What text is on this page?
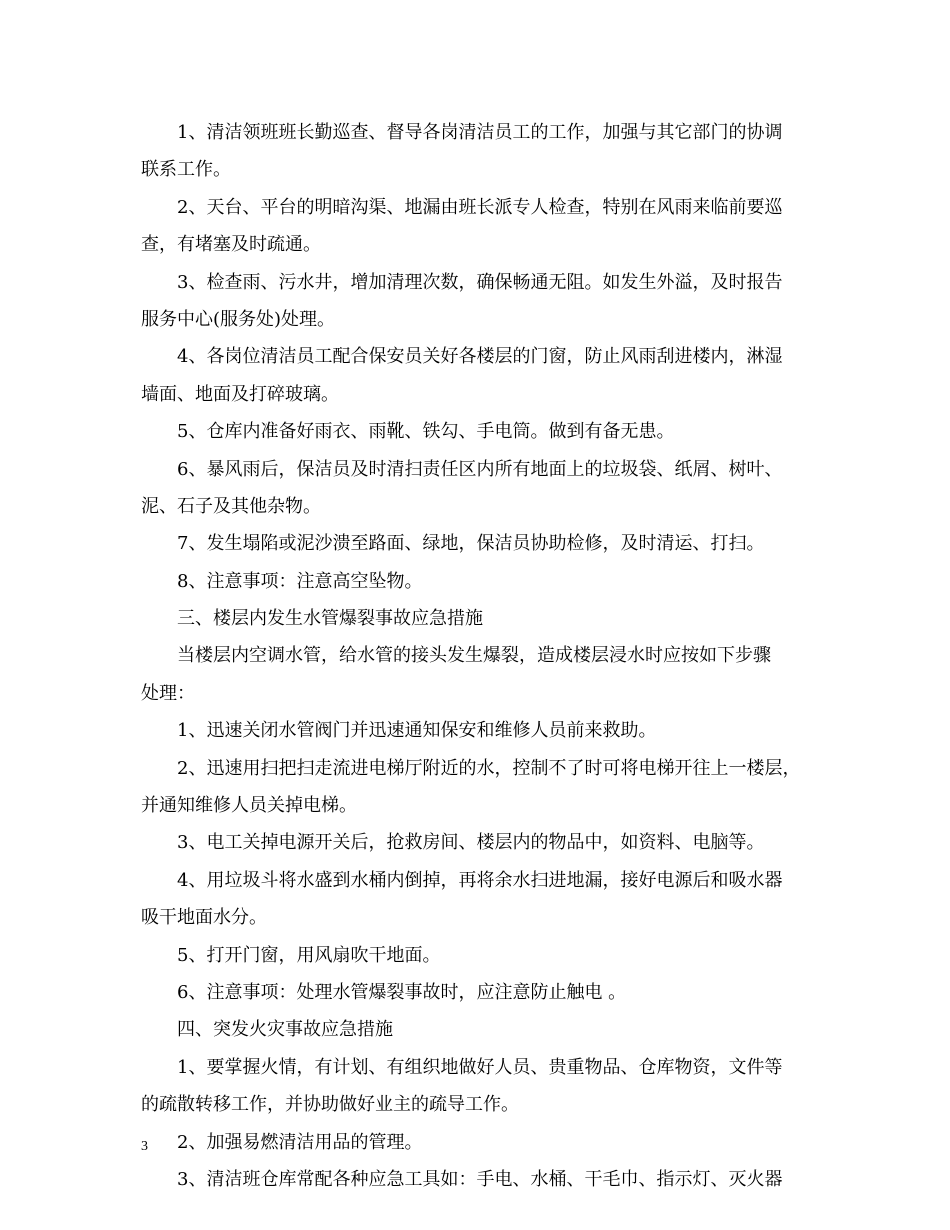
1、清洁领班班长勤巡查、督导各岗清洁员工的工作，加强与其它部门的协调
联系工作。
2、天台、平台的明暗沟渠、地漏由班长派专人检查，特别在风雨来临前要巡
查，有堵塞及时疏通。
3、检查雨、污水井，增加清理次数，确保畅通无阻。如发生外溢，及时报告
服务中心(服务处)处理。
4、各岗位清洁员工配合保安员关好各楼层的门窗，防止风雨刮进楼内，淋湿
墙面、地面及打碎玻璃。
5、仓库内准备好雨衣、雨靴、铁勾、手电筒。做到有备无患。
6、暴风雨后，保洁员及时清扫责任区内所有地面上的垃圾袋、纸屑、树叶、
泥、石子及其他杂物。
7、发生塌陷或泥沙溃至路面、绿地，保洁员协助检修，及时清运、打扫。
8、注意事项：注意高空坠物。
三、楼层内发生水管爆裂事故应急措施
当楼层内空调水管，给水管的接头发生爆裂，造成楼层浸水时应按如下步骤
处理：
1、迅速关闭水管阀门并迅速通知保安和维修人员前来救助。
2、迅速用扫把扫走流进电梯厅附近的水，控制不了时可将电梯开往上一楼层，
并通知维修人员关掉电梯。
3、电工关掉电源开关后，抢救房间、楼层内的物品中，如资料、电脑等。
4、用垃圾斗将水盛到水桶内倒掉，再将余水扫进地漏，接好电源后和吸水器
吸干地面水分。
5、打开门窗，用风扇吹干地面。
6、注意事项：处理水管爆裂事故时，应注意防止触电 。
四、突发火灾事故应急措施
1、要掌握火情，有计划、有组织地做好人员、贵重物品、仓库物资，文件等
的疏散转移工作，并协助做好业主的疏导工作。
2、加强易燃清洁用品的管理。
3、清洁班仓库常配各种应急工具如：手电、水桶、干毛巾、指示灯、灭火器
3
